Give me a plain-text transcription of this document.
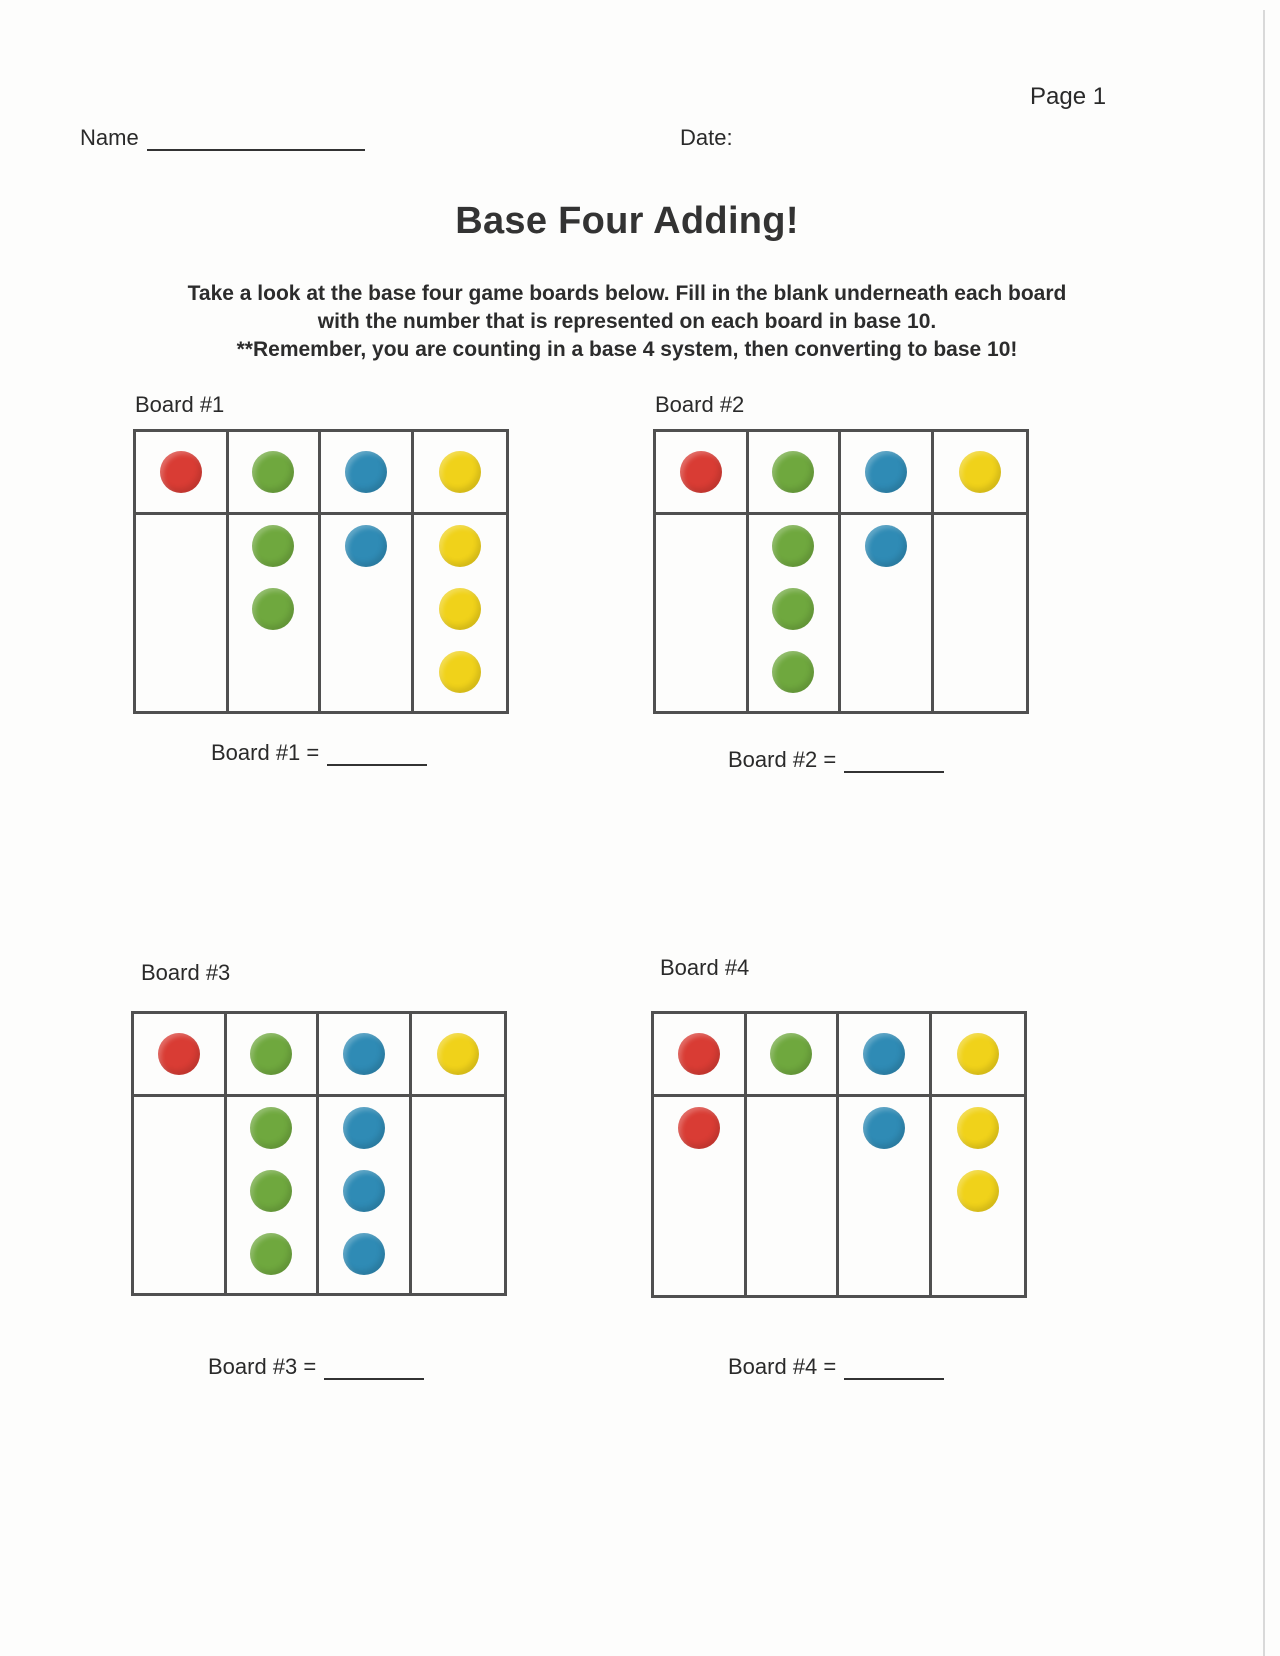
Page 1
Name	Date:
Base Four Adding!
Take a look at the base four game boards below. Fill in the blank underneath each board
with the number that is represented on each board in base 10.
**Remember, you are counting in a base 4 system, then converting to base 10!
Board #1
Board #1 =
Board #2
Board #2 =
Board #3
Board #3 =
Board #4
Board #4 =
